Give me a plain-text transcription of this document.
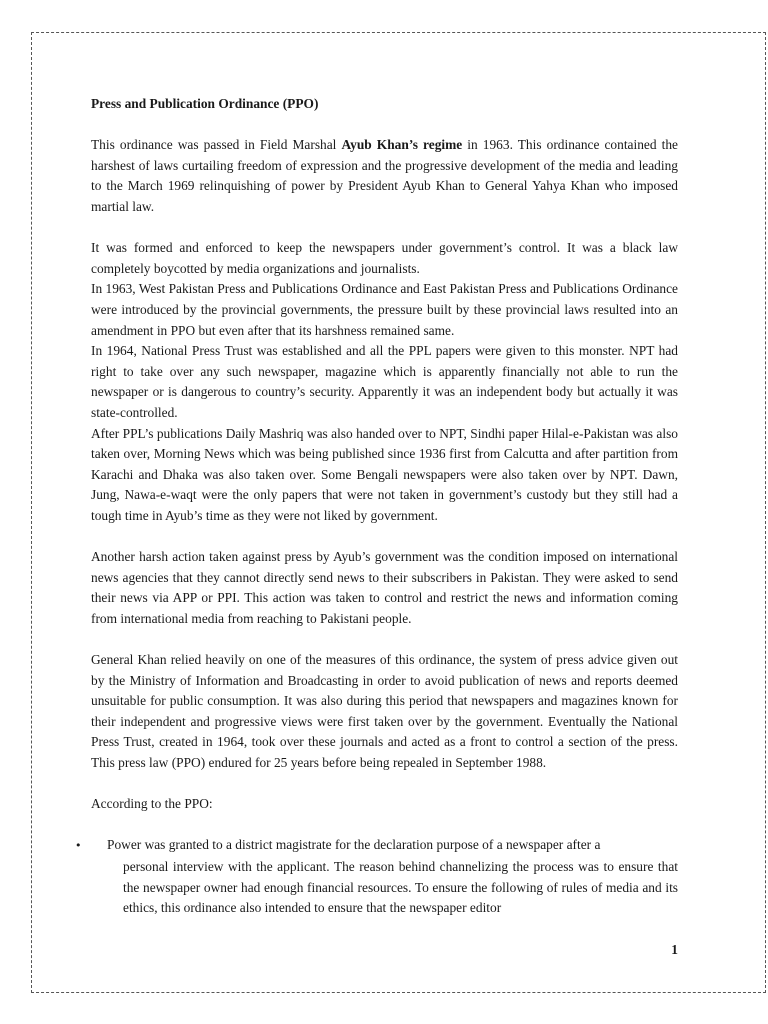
Press and Publication Ordinance (PPO)

This ordinance was passed in Field Marshal Ayub Khan’s regime in 1963. This ordinance contained the harshest of laws curtailing freedom of expression and the progressive development of the media and leading to the March 1969 relinquishing of power by President Ayub Khan to General Yahya Khan who imposed martial law.

It was formed and enforced to keep the newspapers under government’s control. It was a black law completely boycotted by media organizations and journalists.

In 1963, West Pakistan Press and Publications Ordinance and East Pakistan Press and Publications Ordinance were introduced by the provincial governments, the pressure built by these provincial laws resulted into an amendment in PPO but even after that its harshness remained same.

In 1964, National Press Trust was established and all the PPL papers were given to this monster. NPT had right to take over any such newspaper, magazine which is apparently financially not able to run the newspaper or is dangerous to country’s security. Apparently it was an independent body but actually it was state-controlled.

After PPL’s publications Daily Mashriq was also handed over to NPT, Sindhi paper Hilal-e-Pakistan was also taken over, Morning News which was being published since 1936 first from Calcutta and after partition from Karachi and Dhaka was also taken over. Some Bengali newspapers were also taken over by NPT. Dawn, Jung, Nawa-e-waqt were the only papers that were not taken in government’s custody but they still had a tough time in Ayub’s time as they were not liked by government.

Another harsh action taken against press by Ayub’s government was the condition imposed on international news agencies that they cannot directly send news to their subscribers in Pakistan. They were asked to send their news via APP or PPI. This action was taken to control and restrict the news and information coming from international media from reaching to Pakistani people.

General Khan relied heavily on one of the measures of this ordinance, the system of press advice given out by the Ministry of Information and Broadcasting in order to avoid publication of news and reports deemed unsuitable for public consumption. It was also during this period that newspapers and magazines known for their independent and progressive views were first taken over by the government. Eventually the National Press Trust, created in 1964, took over these journals and acted as a front to control a section of the press. This press law (PPO) endured for 25 years before being repealed in September 1988.

According to the PPO:

•Power was granted to a district magistrate for the declaration purpose of a newspaper after a
personal interview with the applicant. The reason behind channelizing the process was to ensure that the newspaper owner had enough financial resources. To ensure the following of rules of media and its ethics, this ordinance also intended to ensure that the newspaper editor
1
